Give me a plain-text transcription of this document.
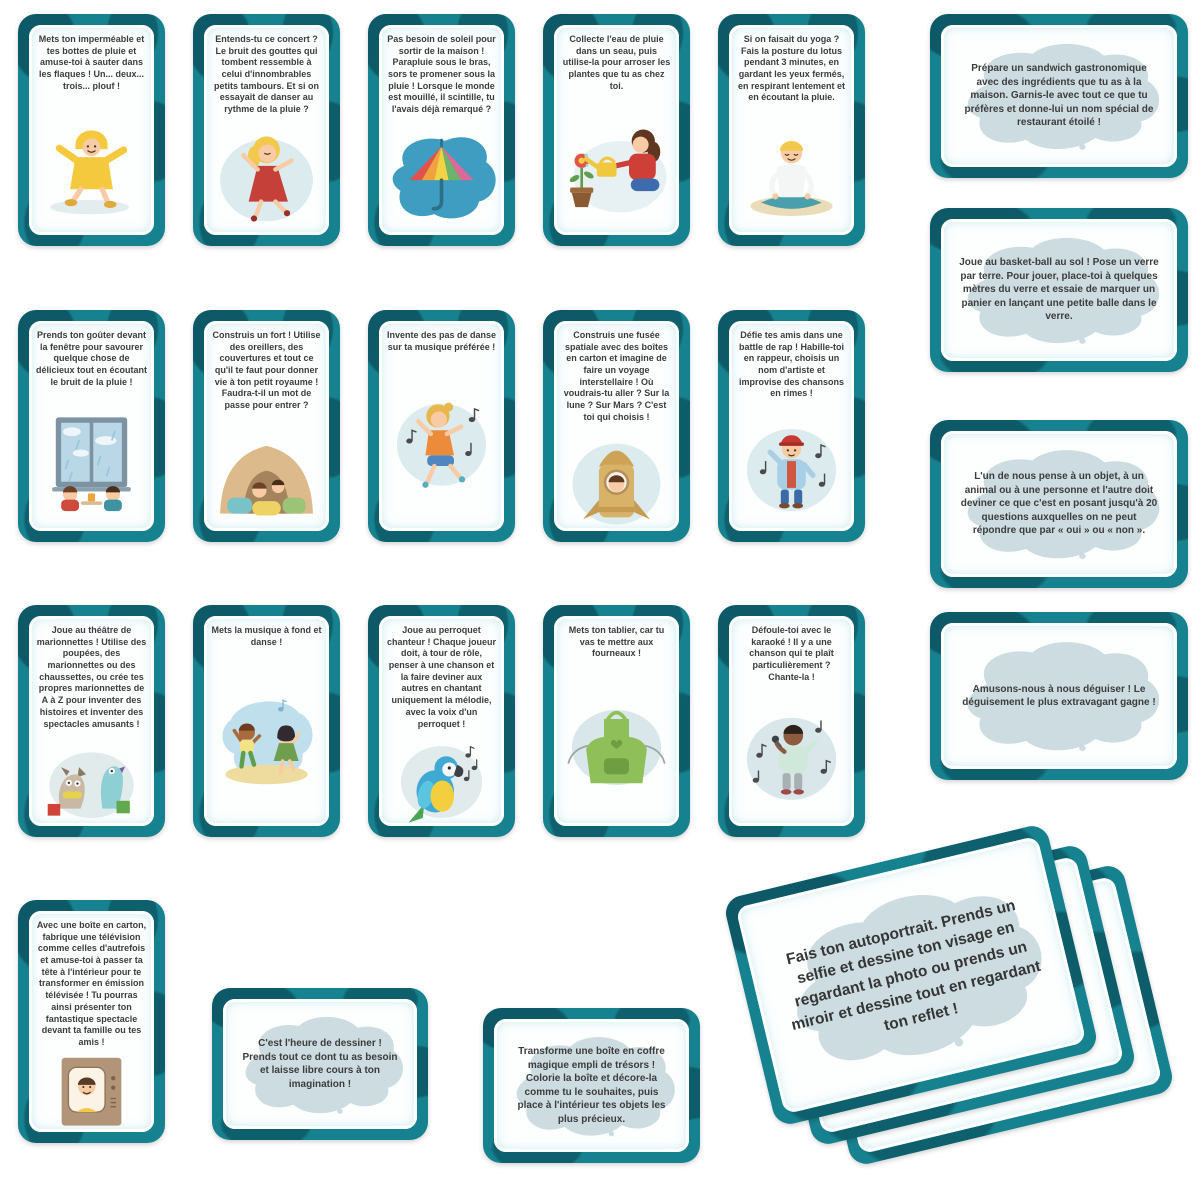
Mets ton imperméable et tes bottes de pluie et amuse-toi à sauter dans les flaques ! Un... deux... trois... plouf !
Entends-tu ce concert ? Le bruit des gouttes qui tombent ressemble à celui d'innombrables petits tambours. Et si on essayait de danser au rythme de la pluie ?
Pas besoin de soleil pour sortir de la maison ! Parapluie sous le bras, sors te promener sous la pluie ! Lorsque le monde est mouillé, il scintille, tu l'avais déjà remarqué ?
Collecte l'eau de pluie dans un seau, puis utilise-la pour arroser les plantes que tu as chez toi.
Si on faisait du yoga ? Fais la posture du lotus pendant 3 minutes, en gardant les yeux fermés, en respirant lentement et en écoutant la pluie.
Prends ton goûter devant la fenêtre pour savourer quelque chose de délicieux tout en écoutant le bruit de la pluie !
Construis un fort ! Utilise des oreillers, des couvertures et tout ce qu'il te faut pour donner vie à ton petit royaume ! Faudra-t-il un mot de passe pour entrer ?
Invente des pas de danse sur ta musique préférée !
Construis une fusée spatiale avec des boîtes en carton et imagine de faire un voyage interstellaire ! Où voudrais-tu aller ? Sur la lune ? Sur Mars ? C'est toi qui choisis !
Défie tes amis dans une battle de rap ! Habille-toi en rappeur, choisis un nom d'artiste et improvise des chansons en rimes !
Joue au théâtre de marionnettes ! Utilise des poupées, des marionnettes ou des chaussettes, ou crée tes propres marionnettes de A à Z pour inventer des histoires et inventer des spectacles amusants !
Mets la musique à fond et danse !
Joue au perroquet chanteur ! Chaque joueur doit, à tour de rôle, penser à une chanson et la faire deviner aux autres en chantant uniquement la mélodie, avec la voix d'un perroquet !
Mets ton tablier, car tu vas te mettre aux fourneaux !
Défoule-toi avec le karaoké ! Il y a une chanson qui te plaît particulièrement ? Chante-la !
Avec une boîte en carton, fabrique une télévision comme celles d'autrefois et amuse-toi à passer ta tête à l'intérieur pour te transformer en émission télévisée ! Tu pourras ainsi présenter ton fantastique spectacle devant ta famille ou tes amis !
Prépare un sandwich gastronomique avec des ingrédients que tu as à la maison. Garnis-le avec tout ce que tu préfères et donne-lui un nom spécial de restaurant étoilé !
Joue au basket-ball au sol ! Pose un verre par terre. Pour jouer, place-toi à quelques mètres du verre et essaie de marquer un panier en lançant une petite balle dans le verre.
L'un de nous pense à un objet, à un animal ou à une personne et l'autre doit deviner ce que c'est en posant jusqu'à 20 questions auxquelles on ne peut répondre que par « oui » ou « non ».
Amusons-nous à nous déguiser ! Le déguisement le plus extravagant gagne !
C'est l'heure de dessiner ! Prends tout ce dont tu as besoin et laisse libre cours à ton imagination !
Transforme une boîte en coffre magique empli de trésors ! Colorie la boîte et décore-la comme tu le souhaites, puis place à l'intérieur tes objets les plus précieux.
Fais ton autoportrait. Prends un selfie et dessine ton visage en regardant la photo ou prends un miroir et dessine tout en regardant ton reflet !
